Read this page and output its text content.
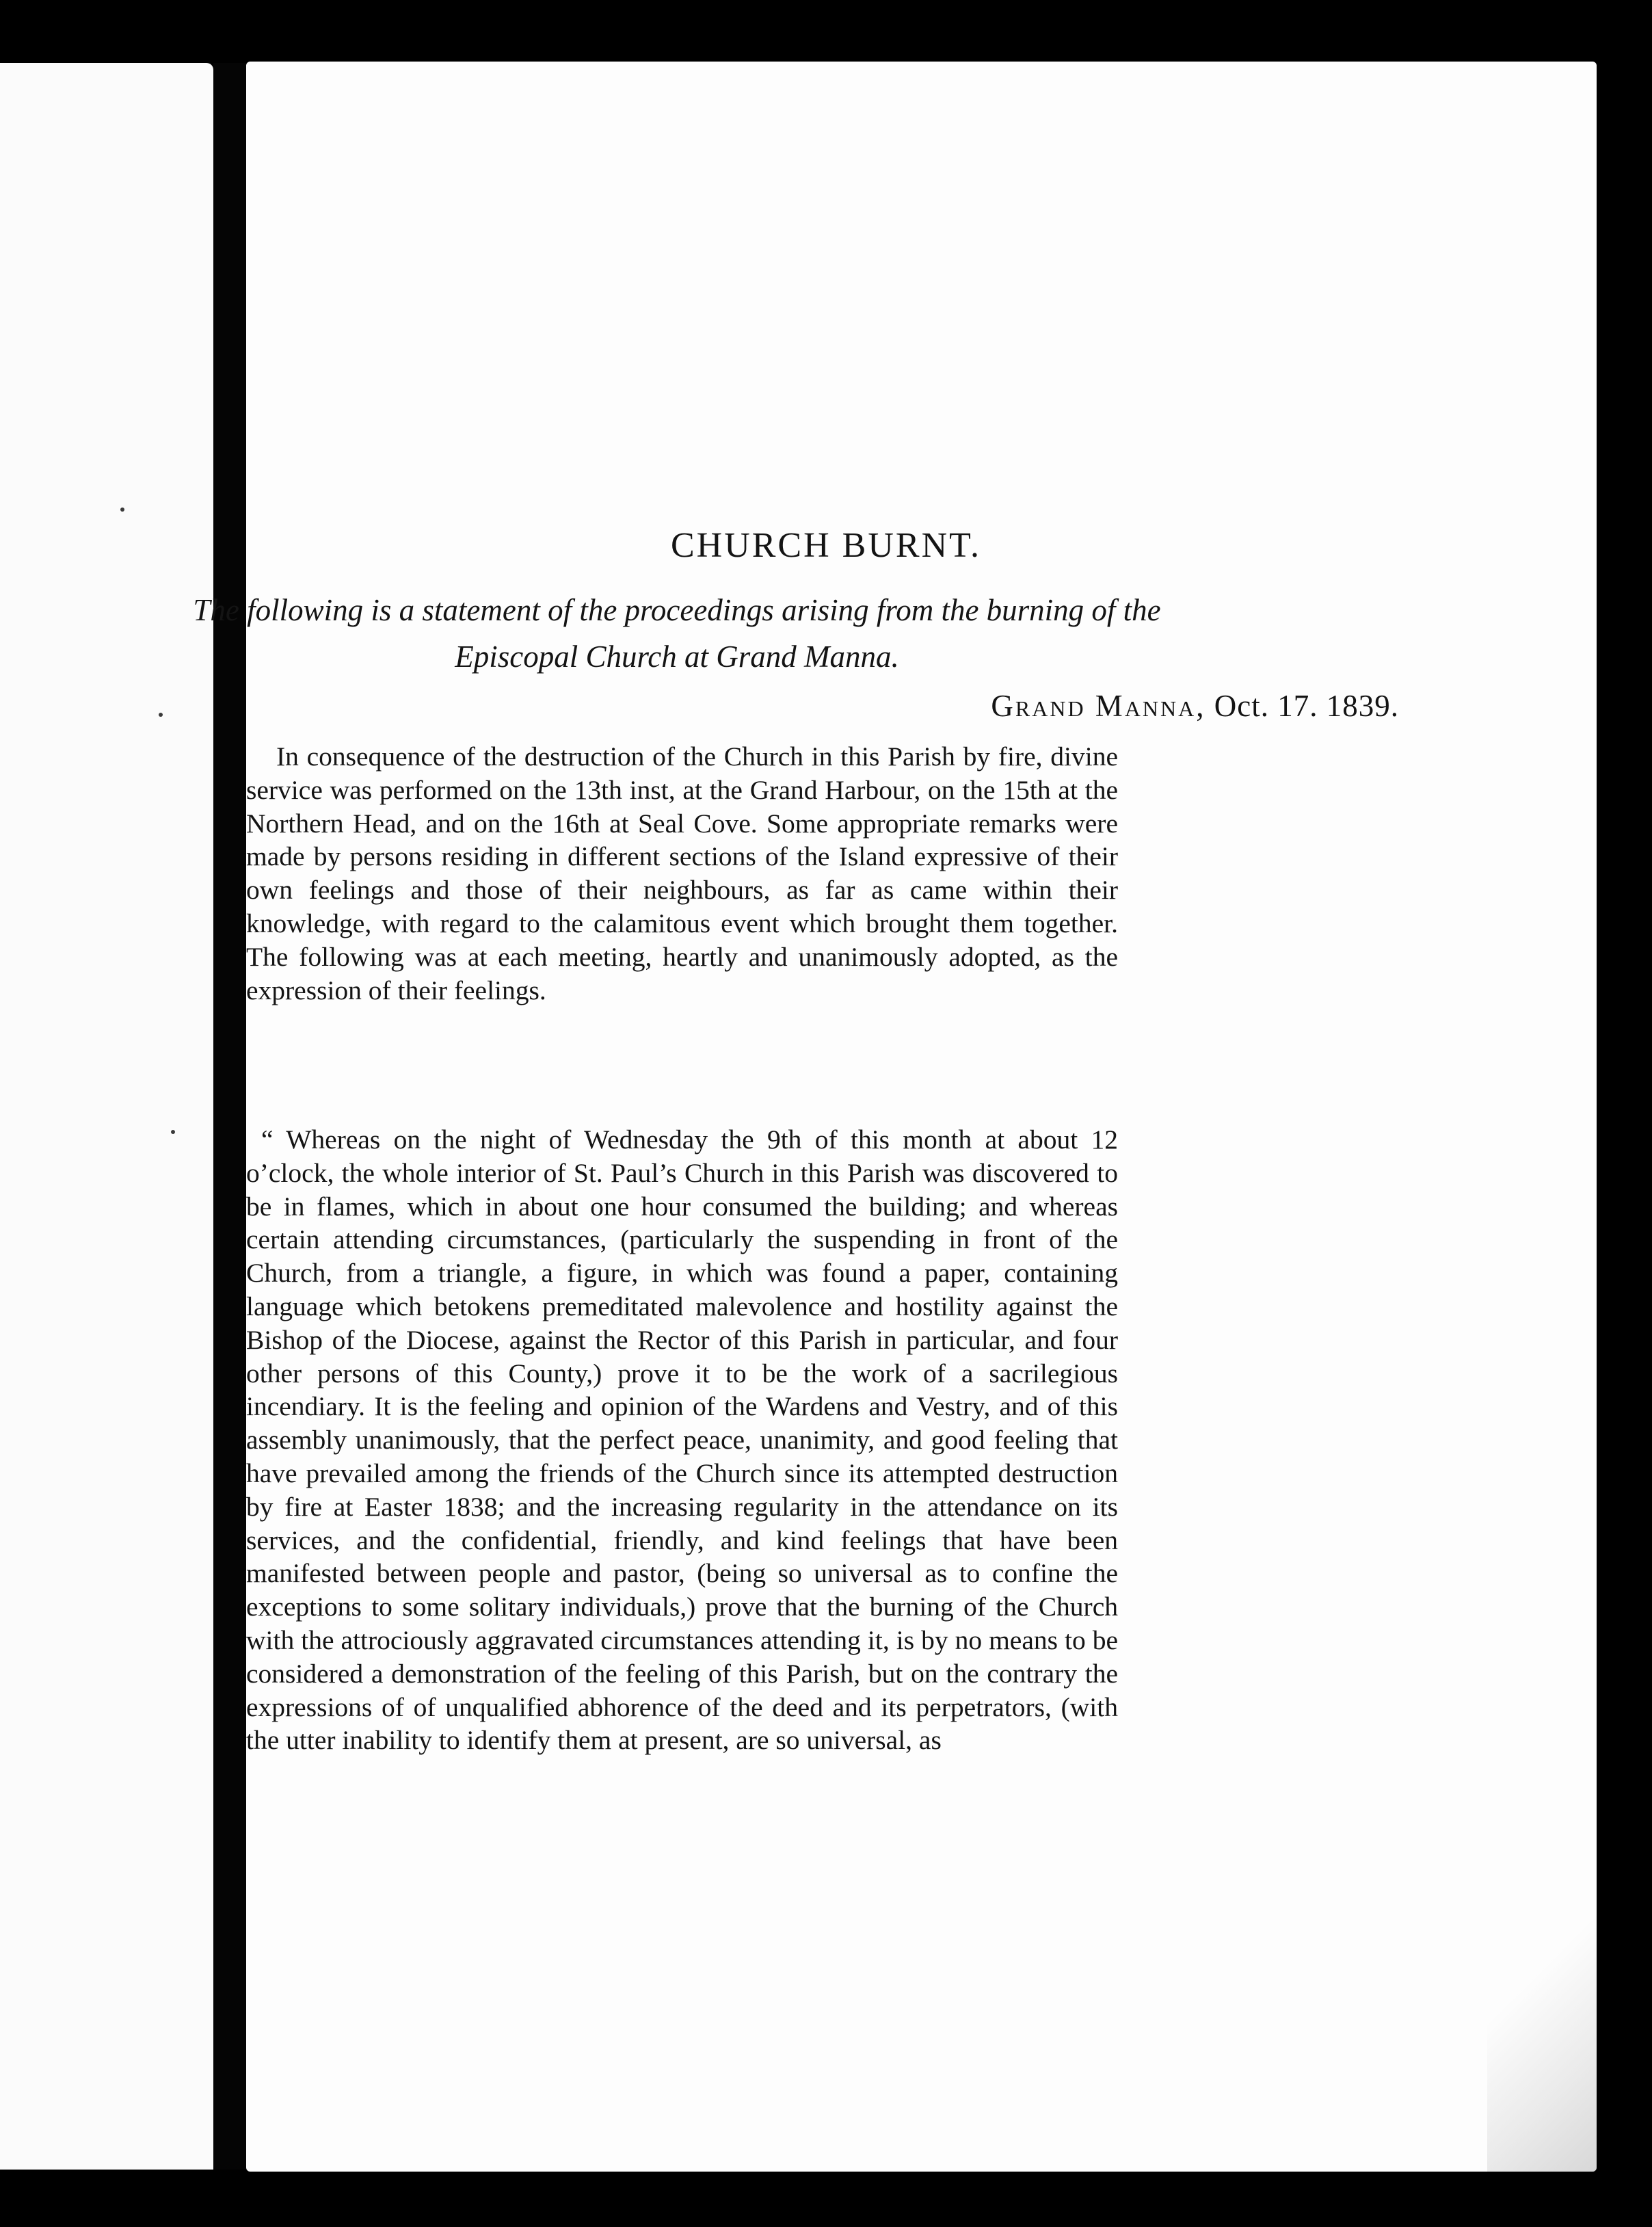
CHURCH BURNT.

The following is a statement of the proceedings arising from the burning of the Episcopal Church at Grand Manna.

Grand Manna, Oct. 17. 1839.

In consequence of the destruction of the Church in this Parish by fire, divine service was performed on the 13th inst, at the Grand Harbour, on the 15th at the Northern Head, and on the 16th at Seal Cove. Some appropriate remarks were made by persons residing in different sections of the Island expressive of their own feelings and those of their neighbours, as far as came within their knowledge, with regard to the calamitous event which brought them together. The following was at each meeting, heartly and unanimously adopted, as the expression of their feelings.

“ Whereas on the night of Wednesday the 9th of this month at about 12 o’clock, the whole interior of St. Paul’s Church in this Parish was discovered to be in flames, which in about one hour consumed the building; and whereas certain attending circumstances, (particularly the suspending in front of the Church, from a triangle, a figure, in which was found a paper, containing language which betokens premeditated malevolence and hostility against the Bishop of the Diocese, against the Rector of this Parish in particular, and four other persons of this County,) prove it to be the work of a sacrilegious incendiary. It is the feeling and opinion of the Wardens and Vestry, and of this assembly unanimously, that the perfect peace, unanimity, and good feeling that have prevailed among the friends of the Church since its attempted destruction by fire at Easter 1838; and the increasing regularity in the attendance on its services, and the confidential, friendly, and kind feelings that have been manifested between people and pastor, (being so universal as to confine the exceptions to some solitary individuals,) prove that the burning of the Church with the attrociously aggravated circumstances attending it, is by no means to be considered a demonstration of the feeling of this Parish, but on the contrary the expressions of of unqualified abhorence of the deed and its perpetrators, (with the utter inability to identify them at present, are so universal, as
